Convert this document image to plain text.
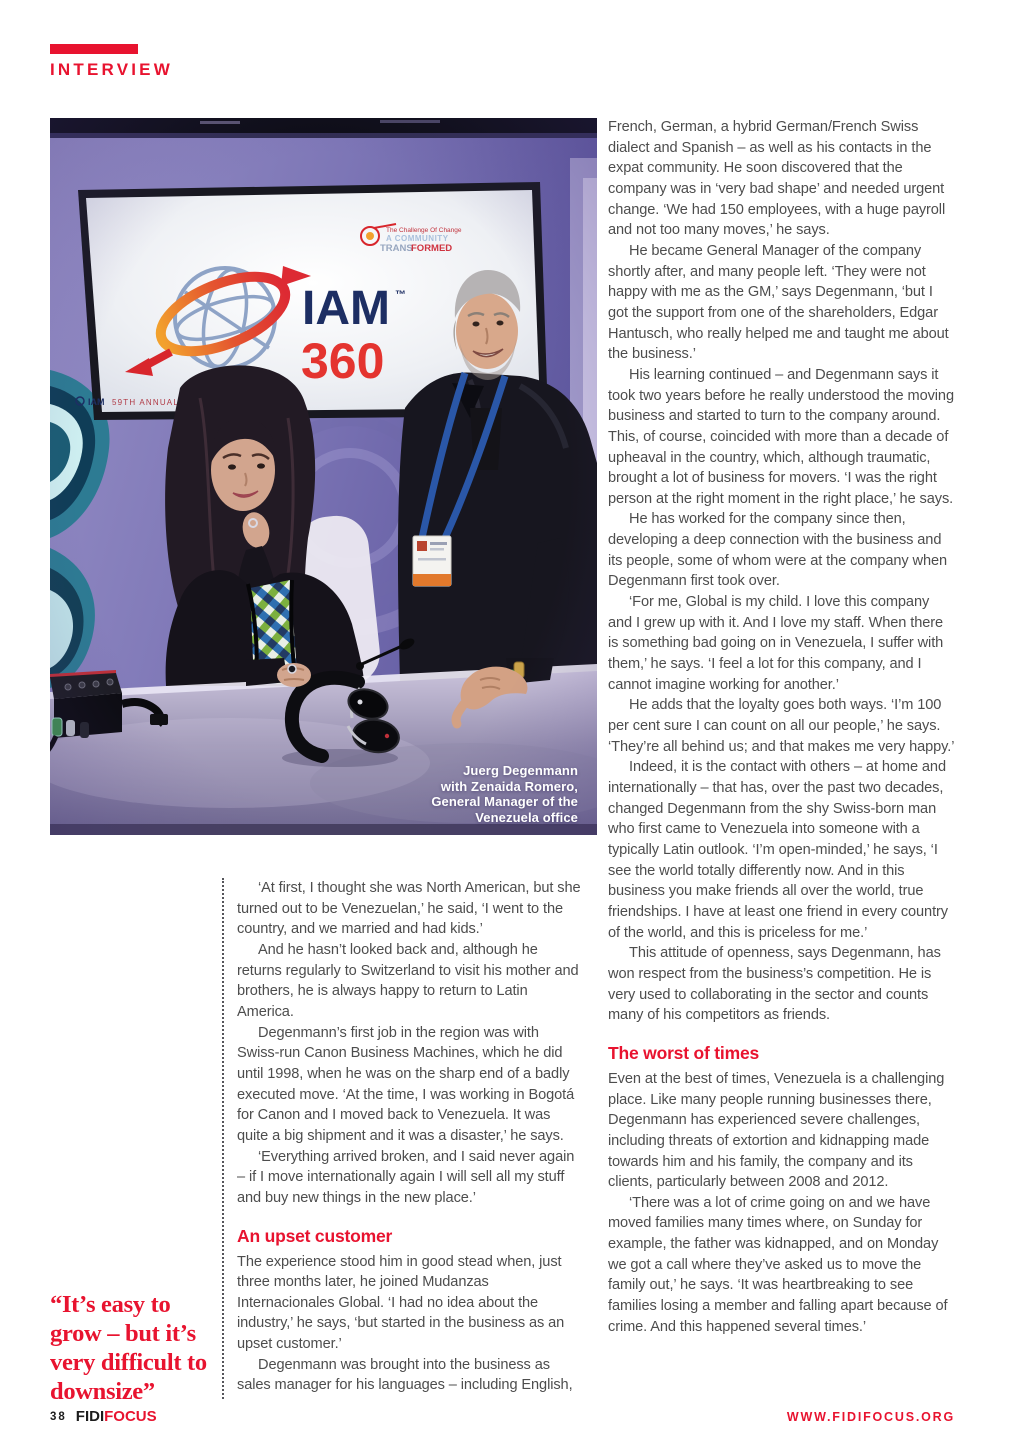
INTERVIEW
Juerg Degenmann
with Zenaida Romero,
General Manager of the
Venezuela office

French, German, a hybrid German/French Swiss dialect and Spanish – as well as his contacts in the expat community. He soon discovered that the company was in ‘very bad shape’ and needed urgent change. ‘We had 150 employees, with a huge payroll and not too many moves,’ he says.

He became General Manager of the company shortly after, and many people left. ‘They were not happy with me as the GM,’ says Degenmann, ‘but I got the support from one of the shareholders, Edgar Hantusch, who really helped me and taught me about the business.’

His learning continued – and Degenmann says it took two years before he really understood the moving business and started to turn to the company around. This, of course, coincided with more than a decade of upheaval in the country, which, although traumatic, brought a lot of business for movers. ‘I was the right person at the right moment in the right place,’ he says.

He has worked for the company since then, developing a deep connection with the business and its people, some of whom were at the company when Degenmann first took over.

‘For me, Global is my child. I love this company and I grew up with it. And I love my staff. When there is something bad going on in Venezuela, I suffer with them,’ he says. ‘I feel a lot for this company, and I cannot imagine working for another.’

He adds that the loyalty goes both ways. ‘I’m 100 per cent sure I can count on all our people,’ he says. ‘They’re all behind us; and that makes me very happy.’

Indeed, it is the contact with others – at home and internationally – that has, over the past two decades, changed Degenmann from the shy Swiss-born man who first came to Venezuela into someone with a typically Latin outlook. ‘I’m open-minded,’ he says, ‘I see the world totally differently now. And in this business you make friends all over the world, true friendships. I have at least one friend in every country of the world, and this is priceless for me.’

This attitude of openness, says Degenmann, has won respect from the business’s competition. He is very used to collaborating in the sector and counts many of his competitors as friends.

The worst of times

Even at the best of times, Venezuela is a challenging place. Like many people running businesses there, Degenmann has experienced severe challenges, including threats of extortion and kidnapping made towards him and his family, the company and its clients, particularly between 2008 and 2012.

‘There was a lot of crime going on and we have moved families many times where, on Sunday for example, the father was kidnapped, and on Monday we got a call where they’ve asked us to move the family out,’ he says. ‘It was heartbreaking to see families losing a member and falling apart because of crime. And this happened several times.’

‘At first, I thought she was North American, but she turned out to be Venezuelan,’ he said, ‘I went to the country, and we married and had kids.’

And he hasn’t looked back and, although he returns regularly to Switzerland to visit his mother and brothers, he is always happy to return to Latin America.

Degenmann’s first job in the region was with Swiss-run Canon Business Machines, which he did until 1998, when he was on the sharp end of a badly executed move. ‘At the time, I was working in Bogotá for Canon and I moved back to Venezuela. It was quite a big shipment and it was a disaster,’ he says.

‘Everything arrived broken, and I said never again – if I move internationally again I will sell all my stuff and buy new things in the new place.’

An upset customer

The experience stood him in good stead when, just three months later, he joined Mudanzas Internacionales Global. ‘I had no idea about the industry,’ he says, ‘but started in the business as an upset customer.’

Degenmann was brought into the business as sales manager for his languages – including English,

“It’s easy to
grow – but it’s
very difficult to
downsize”
38 FIDIFOCUS	WWW.FIDIFOCUS.ORG
